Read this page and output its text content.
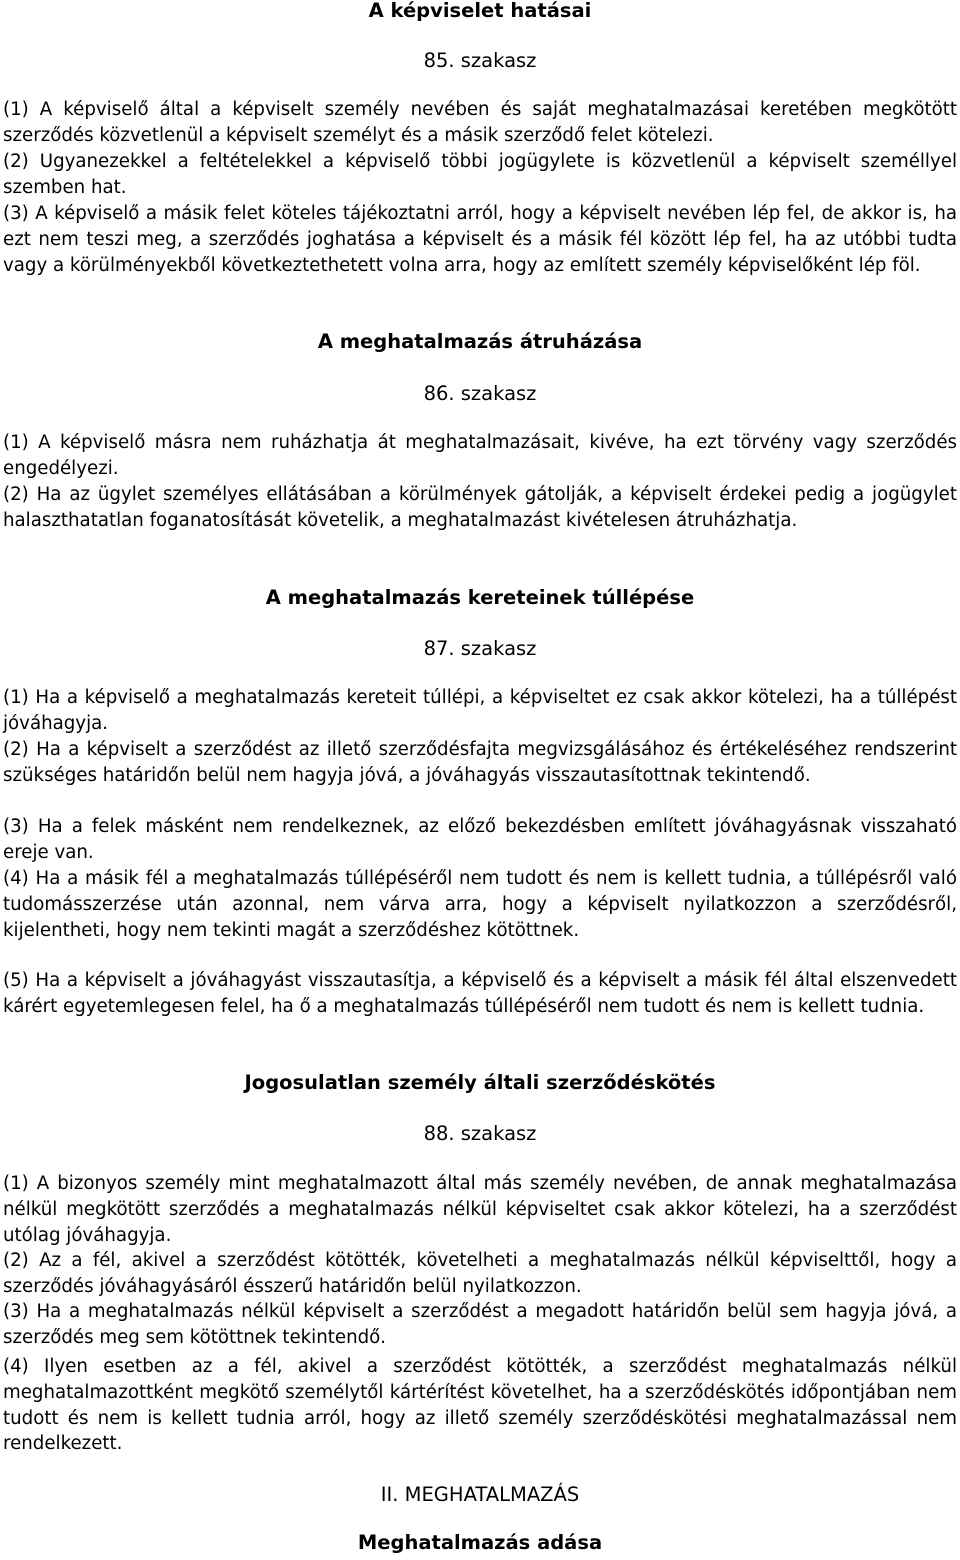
A képviselet hatásai
85. szakasz
(1) A képviselő által a képviselt személy nevében és saját meghatalmazásai keretében megkötött szerződés közvetlenül a képviselt személyt és a másik szerződő felet kötelezi.
(2) Ugyanezekkel a feltételekkel a képviselő többi jogügylete is közvetlenül a képviselt személlyel szemben hat.
(3) A képviselő a másik felet köteles tájékoztatni arról, hogy a képviselt nevében lép fel, de akkor is, ha ezt nem teszi meg, a szerződés joghatása a képviselt és a másik fél között lép fel, ha az utóbbi tudta vagy a körülményekből következtethetett volna arra, hogy az említett személy képviselőként lép föl.
A meghatalmazás átruházása
86. szakasz
(1) A képviselő másra nem ruházhatja át meghatalmazásait, kivéve, ha ezt törvény vagy szerződés engedélyezi.
(2) Ha az ügylet személyes ellátásában a körülmények gátolják, a képviselt érdekei pedig a jogügylet halaszthatatlan foganatosítását követelik, a meghatalmazást kivételesen átruházhatja.
A meghatalmazás kereteinek túllépése
87. szakasz
(1) Ha a képviselő a meghatalmazás kereteit túllépi, a képviseltet ez csak akkor kötelezi, ha a túllépést jóváhagyja.
(2) Ha a képviselt a szerződést az illető szerződésfajta megvizsgálásához és értékeléséhez rendszerint szükséges határidőn belül nem hagyja jóvá, a jóváhagyás visszautasítottnak tekintendő.
(3) Ha a felek másként nem rendelkeznek, az előző bekezdésben említett jóváhagyásnak visszaható ereje van.
(4) Ha a másik fél a meghatalmazás túllépéséről nem tudott és nem is kellett tudnia, a túllépésről való tudomásszerzése után azonnal, nem várva arra, hogy a képviselt nyilatkozzon a szerződésről, kijelentheti, hogy nem tekinti magát a szerződéshez kötöttnek.
(5) Ha a képviselt a jóváhagyást visszautasítja, a képviselő és a képviselt a másik fél által elszenvedett kárért egyetemlegesen felel, ha ő a meghatalmazás túllépéséről nem tudott és nem is kellett tudnia.
Jogosulatlan személy általi szerződéskötés
88. szakasz
(1) A bizonyos személy mint meghatalmazott által más személy nevében, de annak meghatalmazása nélkül megkötött szerződés a meghatalmazás nélkül képviseltet csak akkor kötelezi, ha a szerződést utólag jóváhagyja.
(2) Az a fél, akivel a szerződést kötötték, követelheti a meghatalmazás nélkül képviselttől, hogy a szerződés jóváhagyásáról ésszerű határidőn belül nyilatkozzon.
(3) Ha a meghatalmazás nélkül képviselt a szerződést a megadott határidőn belül sem hagyja jóvá, a szerződés meg sem kötöttnek tekintendő.
(4) Ilyen esetben az a fél, akivel a szerződést kötötték, a szerződést meghatalmazás nélkül meghatalmazottként megkötő személytől kártérítést követelhet, ha a szerződéskötés időpontjában nem tudott és nem is kellett tudnia arról, hogy az illető személy szerződéskötési meghatalmazással nem rendelkezett.
II. MEGHATALMAZÁS
Meghatalmazás adása
